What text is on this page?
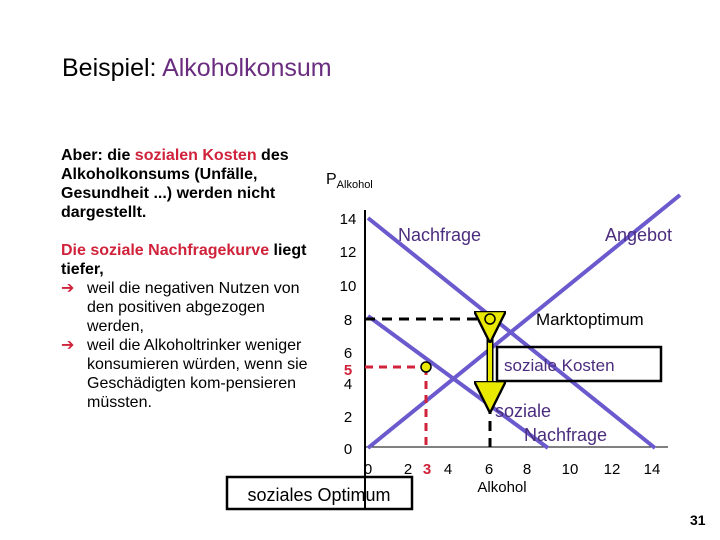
Beispiel: Alkoholkonsum

Aber: die sozialen Kosten des Alkoholkonsums (Unfälle, Gesundheit ...) werden nicht dargestellt.

Die soziale Nachfragekurve liegt tiefer,

➔ weil die negativen Nutzen von den positiven abgezogen werden,
➔ weil die Alkoholtrinker weniger konsumieren würden, wenn sie Geschädigten kom-pensieren müssten.
$P_{Alkohol}$
14
12
10
8
6
5
4
2
0
0 2 3 4 6 8 10 12 14
Alkohol
Nachfrage	Angebot
Marktoptimum
soziale Kosten
soziale
Nachfrage
soziales Optimum
31
